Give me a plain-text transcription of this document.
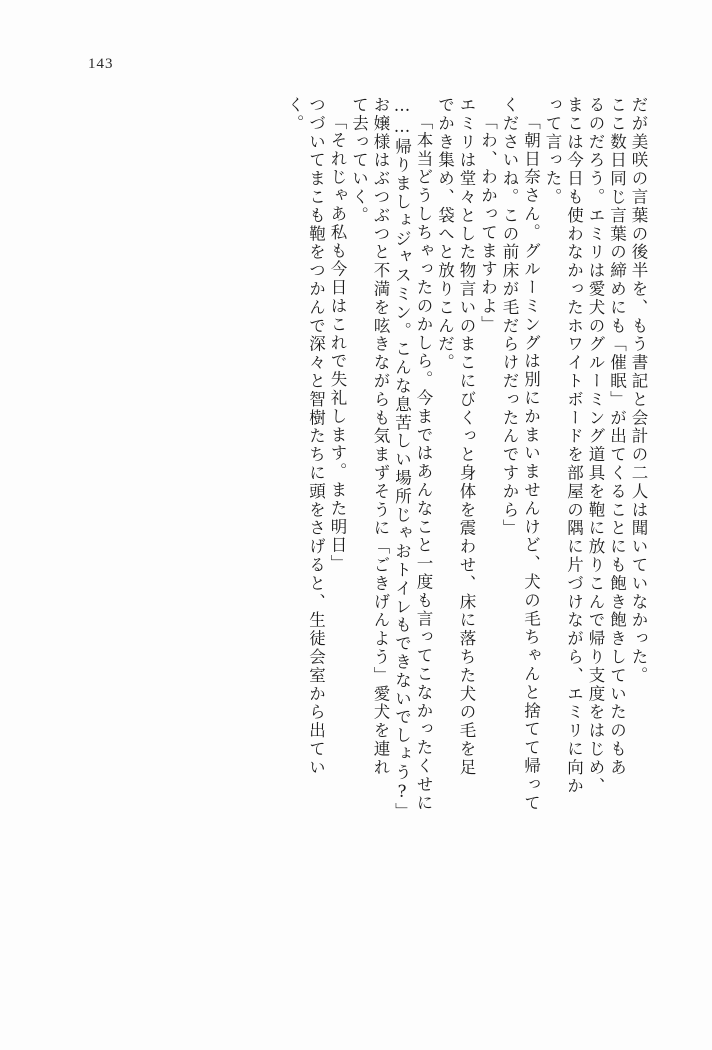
143
だが美咲の言葉の後半を、もう書記と会計の二人は聞いていなかった。
ここ数日同じ言葉の締めにも「催眠」が出てくることにも飽き飽きしていたのもあ
るのだろう。エミリは愛犬のグルーミング道具を鞄に放りこんで帰り支度をはじめ、
まこは今日も使わなかったホワイトボードを部屋の隅に片づけながら、エミリに向か
って言った。
「朝日奈さん。グルーミングは別にかまいませんけど、犬の毛ちゃんと捨てて帰って
くださいね。この前床が毛だらけだったんですから」
「わ、わかってますわよ」
エミリは堂々とした物言いのまこにびくっと身体を震わせ、床に落ちた犬の毛を足
でかき集め、袋へと放りこんだ。
「本当どうしちゃったのかしら。今まではあんなこと一度も言ってこなかったくせに
……帰りましょジャスミン。こんな息苦しい場所じゃおトイレもできないでしょう?」
お嬢様はぶつぶつと不満を呟きながらも気まずそうに「ごきげんよう」愛犬を連れ
て去っていく。
「それじゃあ私も今日はこれで失礼します。また明日」
つづいてまこも鞄をつかんで深々と智樹たちに頭をさげると、生徒会室から出てい
く。
